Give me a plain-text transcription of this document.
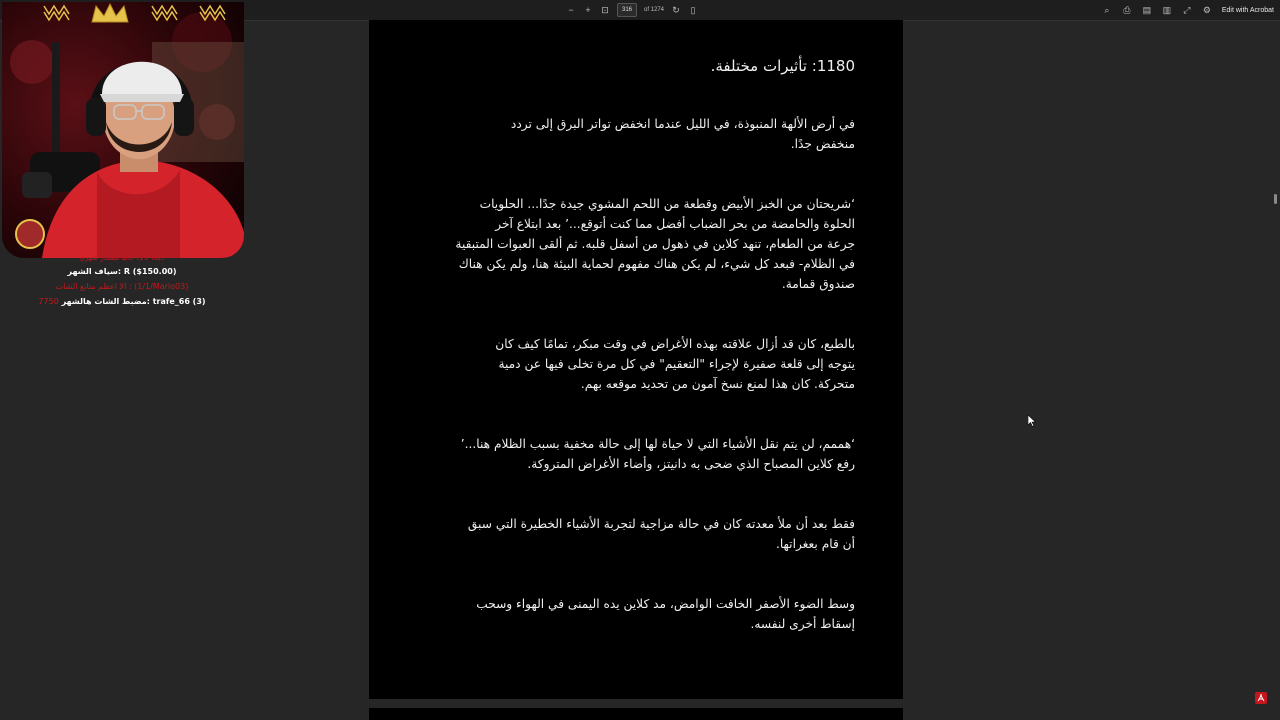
− + ⊡	316	of 1274 ↻ ▯	⌕ ⎙ ▤ ▥ ⤢ ⚙ Edit with Acrobat
حالياً متصدر شهري (19 Yaz)
سياف الشهر: R ($150.00)
الا اعظم متابع الشات : (1/1/Mario03)
7750 مضبط الشات هالشهر: trafe_66 (3)
1180: تأثيرات مختلفة.
في أرض الألهة المنبوذة، في الليل عندما انخفض تواتر البرق إلى تردد
منخفض جدًا.
‘شريحتان من الخبز الأبيض وقطعة من اللحم المشوي جيدة جدًا... الحلويات
الحلوة والحامضة من بحر الضباب أفضل مما كنت أتوقع...’ بعد ابتلاع آخر
جرعة من الطعام، تنهد كلاين في ذهول من أسفل قلبه. ثم ألقى العبوات المتبقية
في الظلام- فبعد كل شيء، لم يكن هناك مفهوم لحماية البيئة هنا، ولم يكن هناك
صندوق قمامة.
بالطبع، كان قد أزال علاقته بهذه الأغراض في وقت مبكر، تمامًا كيف كان
يتوجه إلى قلعة صفيرة لإجراء "التعقيم" في كل مرة تخلى فيها عن دمية
متحركة. كان هذا لمنع نسخ آمون من تحديد موقعه بهم.
‘هممم، لن يتم نقل الأشياء التي لا حياة لها إلى حالة مخفية بسبب الظلام هنا...’
رفع كلاين المصباح الذي ضحى به دانيتز، وأضاء الأغراض المتروكة.
فقط بعد أن ملأ معدته كان في حالة مزاجية لتجربة الأشياء الخطيرة التي سبق
أن قام بعغراتها.
وسط الضوء الأصفر الخافت الوامض، مد كلاين يده اليمنى في الهواء وسحب
إسقاط أخرى لنفسه.
